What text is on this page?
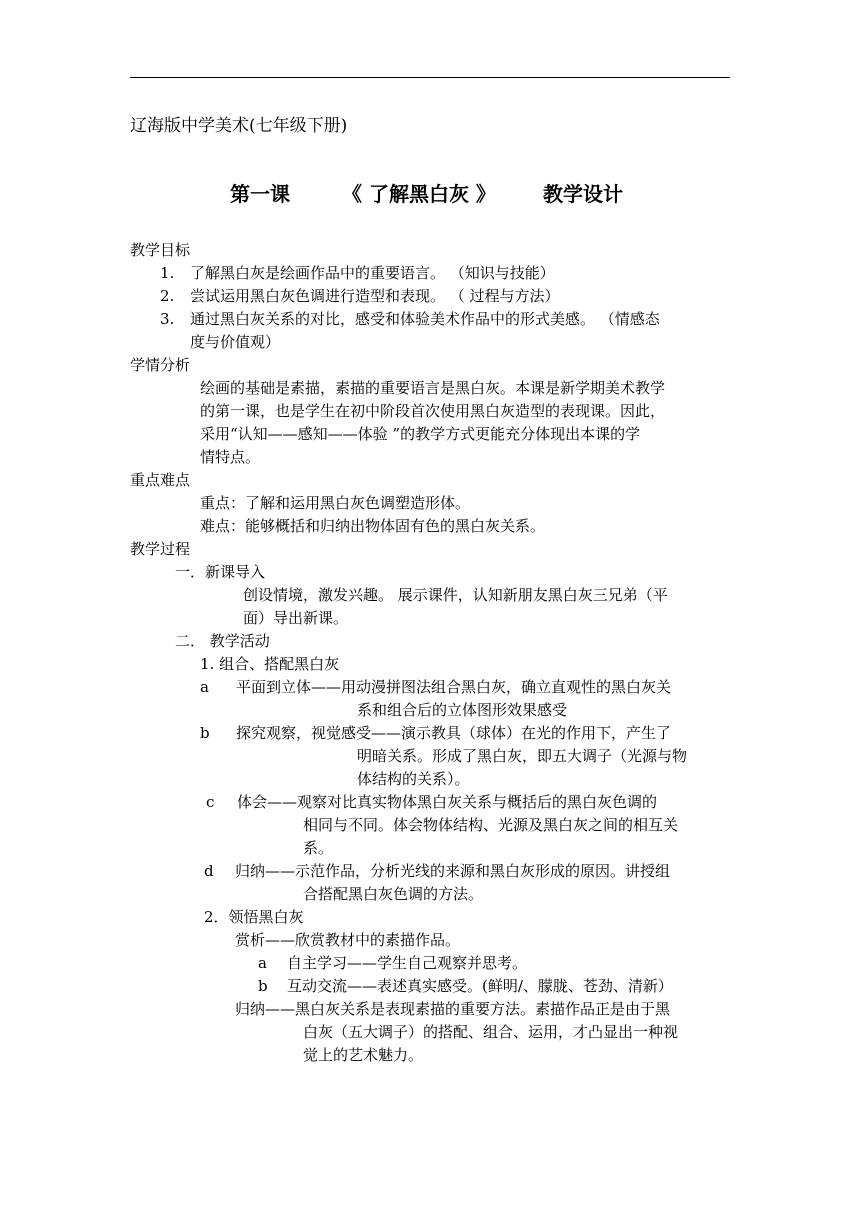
辽海版中学美术(七年级下册)
第一课	《 了解黑白灰 》 教学设计
教学目标
1. 了解黑白灰是绘画作品中的重要语言。 （知识与技能）
2. 尝试运用黑白灰色调进行造型和表现。 （ 过程与方法）
3. 通过黑白灰关系的对比，感受和体验美术作品中的形式美感。 （情感态
度与价值观）
学情分析
绘画的基础是素描，素描的重要语言是黑白灰。本课是新学期美术教学
的第一课，也是学生在初中阶段首次使用黑白灰造型的表现课。因此，
采用“认知——感知——体验 ”的教学方式更能充分体现出本课的学
情特点。
重点难点
重点：了解和运用黑白灰色调塑造形体。
难点：能够概括和归纳出物体固有色的黑白灰关系。
教学过程
一．新课导入
创设情境，激发兴趣。 展示课件，认知新朋友黑白灰三兄弟（平
面）导出新课。
二． 教学活动
1. 组合、搭配黑白灰
a 平面到立体——用动漫拼图法组合黑白灰，确立直观性的黑白灰关
系和组合后的立体图形效果感受
b 探究观察，视觉感受——演示教具（球体）在光的作用下，产生了
明暗关系。形成了黑白灰，即五大调子（光源与物
体结构的关系）。
c 体会——观察对比真实物体黑白灰关系与概括后的黑白灰色调的
相同与不同。体会物体结构、光源及黑白灰之间的相互关
系。
d 归纳——示范作品，分析光线的来源和黑白灰形成的原因。讲授组
合搭配黑白灰色调的方法。
2．领悟黑白灰
赏析——欣赏教材中的素描作品。
a 自主学习——学生自己观察并思考。
b 互动交流——表述真实感受。(鲜明/、朦胧、苍劲、清新）
归纳——黑白灰关系是表现素描的重要方法。素描作品正是由于黑
白灰（五大调子）的搭配、组合、运用，才凸显出一种视
觉上的艺术魅力。
